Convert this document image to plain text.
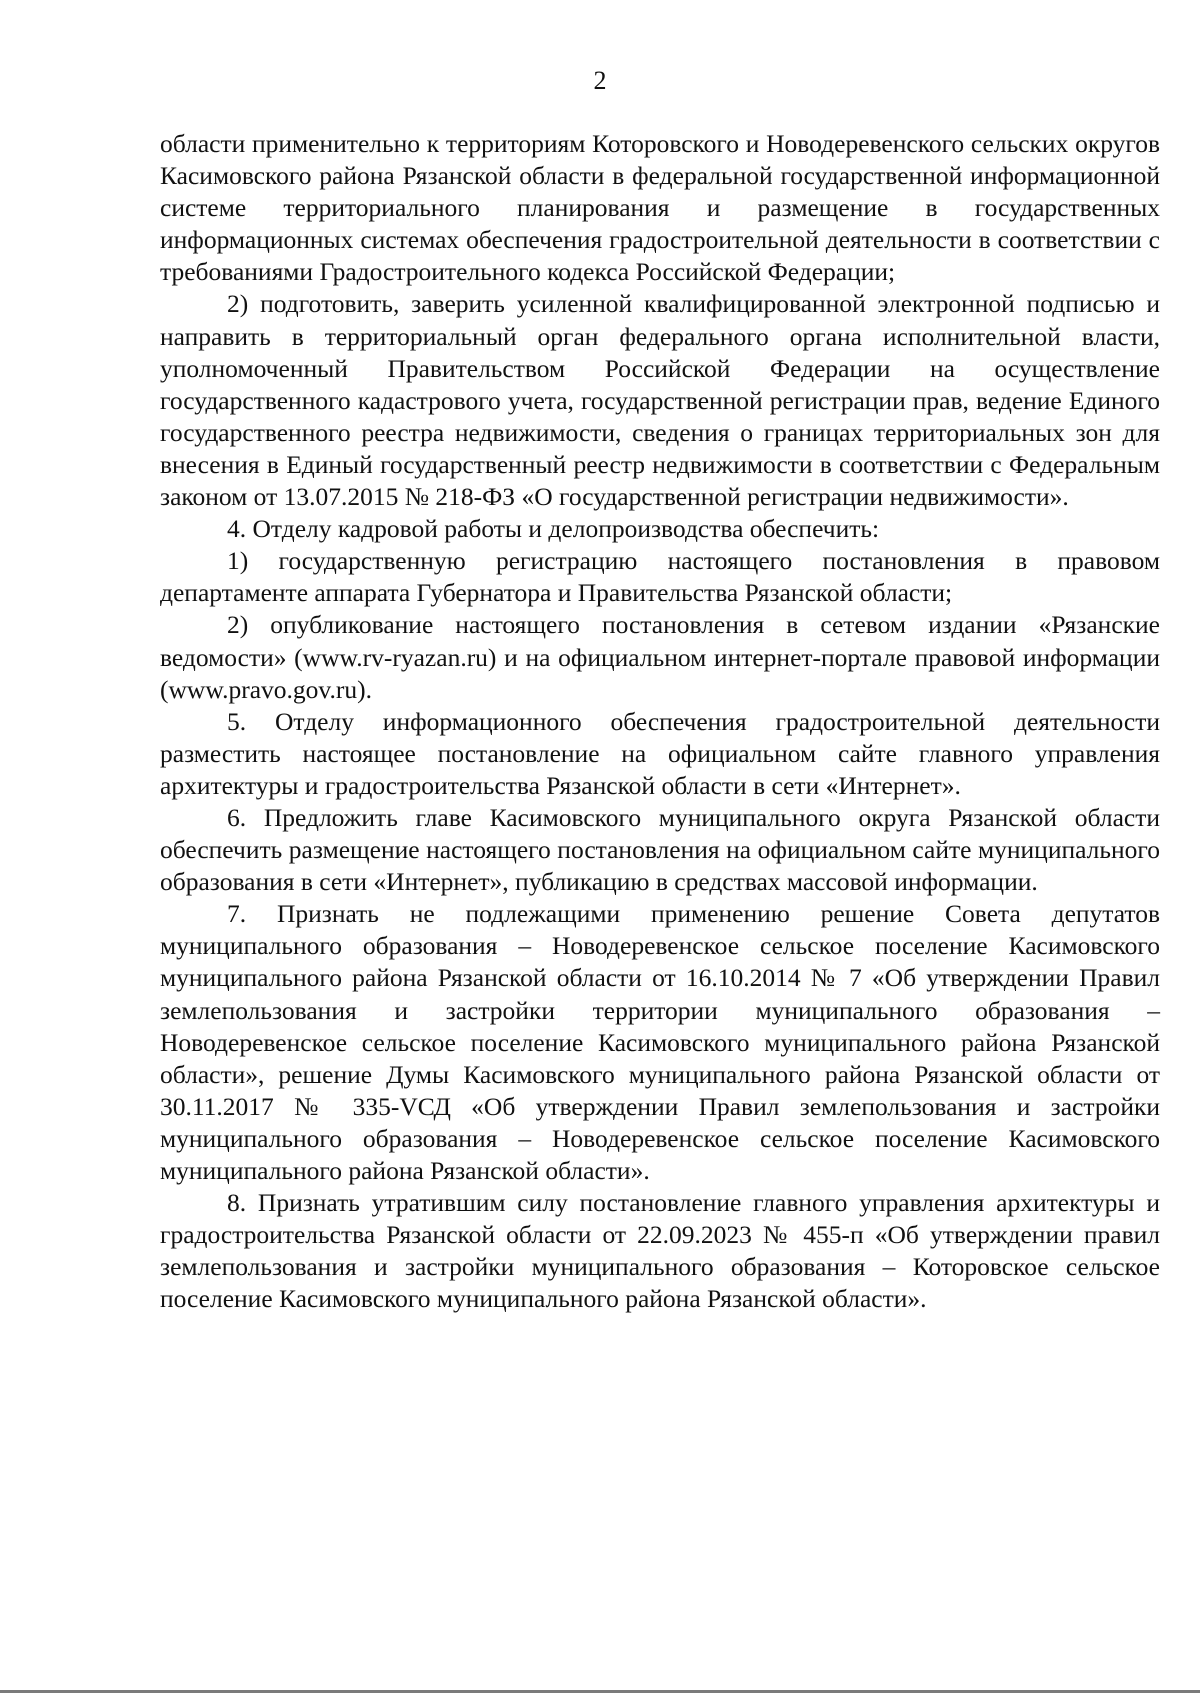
2

области применительно к территориям Которовского и Новодеревенского сельских округов Касимовского района Рязанской области в федеральной государственной информационной системе территориального планирования и размещение в государственных информационных системах обеспечения градостроительной деятельности в соответствии с требованиями Градостроительного кодекса Российской Федерации;

2) подготовить, заверить усиленной квалифицированной электронной подписью и направить в территориальный орган федерального органа исполнительной власти, уполномоченный Правительством Российской Федерации на осуществление государственного кадастрового учета, государственной регистрации прав, ведение Единого государственного реестра недвижимости, сведения о границах территориальных зон для внесения в Единый государственный реестр недвижимости в соответствии с Федеральным законом от 13.07.2015 № 218-ФЗ «О государственной регистрации недвижимости».

4. Отделу кадровой работы и делопроизводства обеспечить:

1) государственную регистрацию настоящего постановления в правовом департаменте аппарата Губернатора и Правительства Рязанской области;

2) опубликование настоящего постановления в сетевом издании «Рязанские ведомости» (www.rv-ryazan.ru) и на официальном интернет-портале правовой информации (www.pravo.gov.ru).

5. Отделу информационного обеспечения градостроительной деятельности разместить настоящее постановление на официальном сайте главного управления архитектуры и градостроительства Рязанской области в сети «Интернет».

6. Предложить главе Касимовского муниципального округа Рязанской области обеспечить размещение настоящего постановления на официальном сайте муниципального образования в сети «Интернет», публикацию в средствах массовой информации.

7. Признать не подлежащими применению решение Совета депутатов муниципального образования – Новодеревенское сельское поселение Касимовского муниципального района Рязанской области от 16.10.2014 № 7 «Об утверждении Правил землепользования и застройки территории муниципального образования – Новодеревенское сельское поселение Касимовского муниципального района Рязанской области», решение Думы Касимовского муниципального района Рязанской области от 30.11.2017 № 335-VСД «Об утверждении Правил землепользования и застройки муниципального образования – Новодеревенское сельское поселение Касимовского муниципального района Рязанской области».

8. Признать утратившим силу постановление главного управления архитектуры и градостроительства Рязанской области от 22.09.2023 № 455-п «Об утверждении правил землепользования и застройки муниципального образования – Которовское сельское поселение Касимовского муниципального района Рязанской области».
